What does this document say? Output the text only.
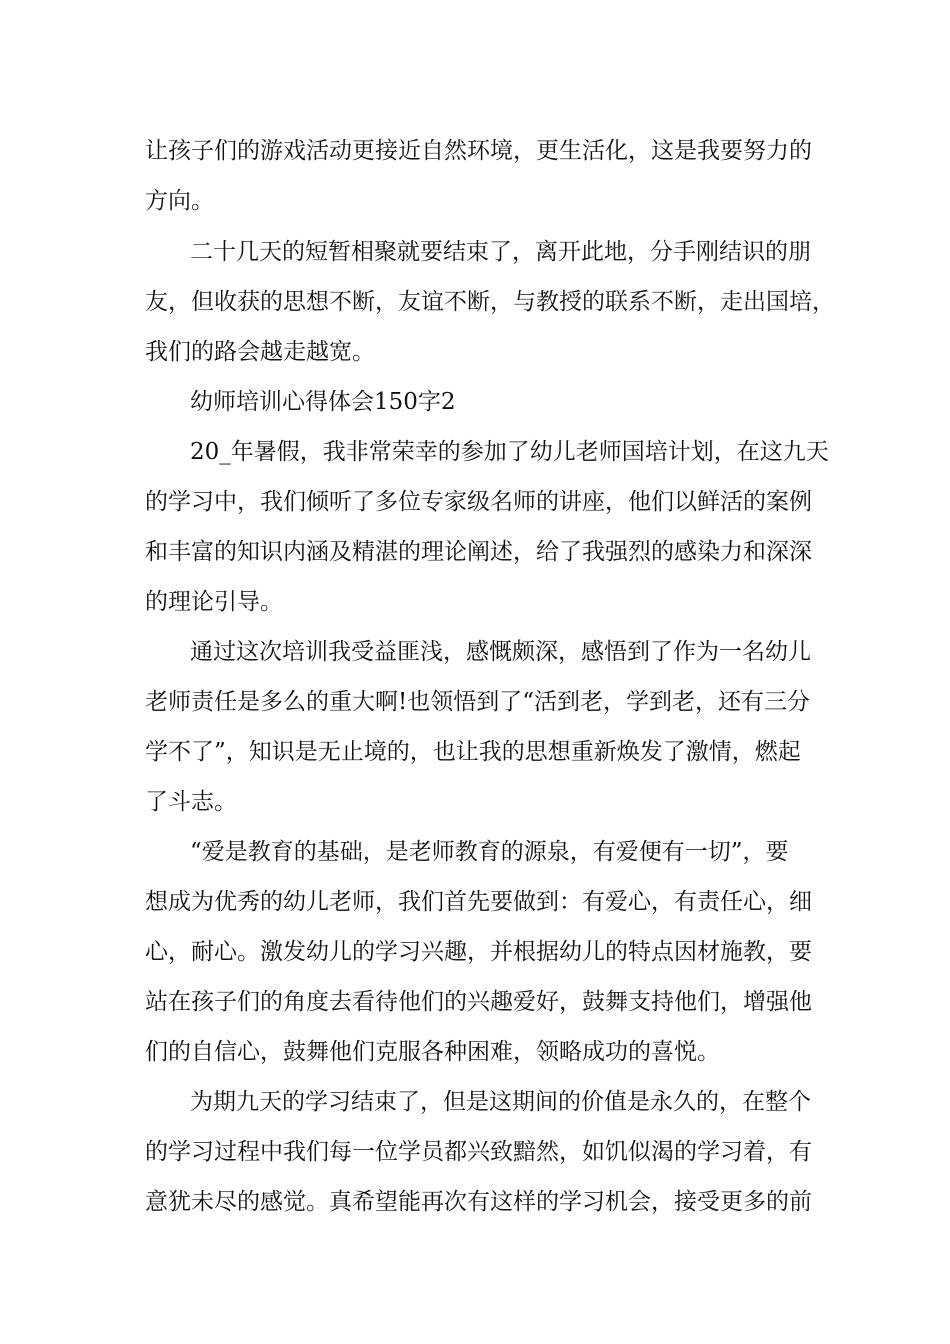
让孩子们的游戏活动更接近自然环境，更生活化，这是我要努力的
方向。
二十几天的短暂相聚就要结束了，离开此地，分手刚结识的朋
友，但收获的思想不断，友谊不断，与教授的联系不断，走出国培，
我们的路会越走越宽。
幼师培训心得体会150字2
20_年暑假，我非常荣幸的参加了幼儿老师国培计划，在这九天
的学习中，我们倾听了多位专家级名师的讲座，他们以鲜活的案例
和丰富的知识内涵及精湛的理论阐述，给了我强烈的感染力和深深
的理论引导。
通过这次培训我受益匪浅，感慨颇深，感悟到了作为一名幼儿
老师责任是多么的重大啊!也领悟到了“活到老，学到老，还有三分
学不了”，知识是无止境的，也让我的思想重新焕发了激情，燃起
了斗志。
“爱是教育的基础，是老师教育的源泉，有爱便有一切”，要
想成为优秀的幼儿老师，我们首先要做到：有爱心，有责任心，细
心，耐心。激发幼儿的学习兴趣，并根据幼儿的特点因材施教，要
站在孩子们的角度去看待他们的兴趣爱好，鼓舞支持他们，增强他
们的自信心，鼓舞他们克服各种困难，领略成功的喜悦。
为期九天的学习结束了，但是这期间的价值是永久的，在整个
的学习过程中我们每一位学员都兴致黯然，如饥似渴的学习着，有
意犹未尽的感觉。真希望能再次有这样的学习机会，接受更多的前
